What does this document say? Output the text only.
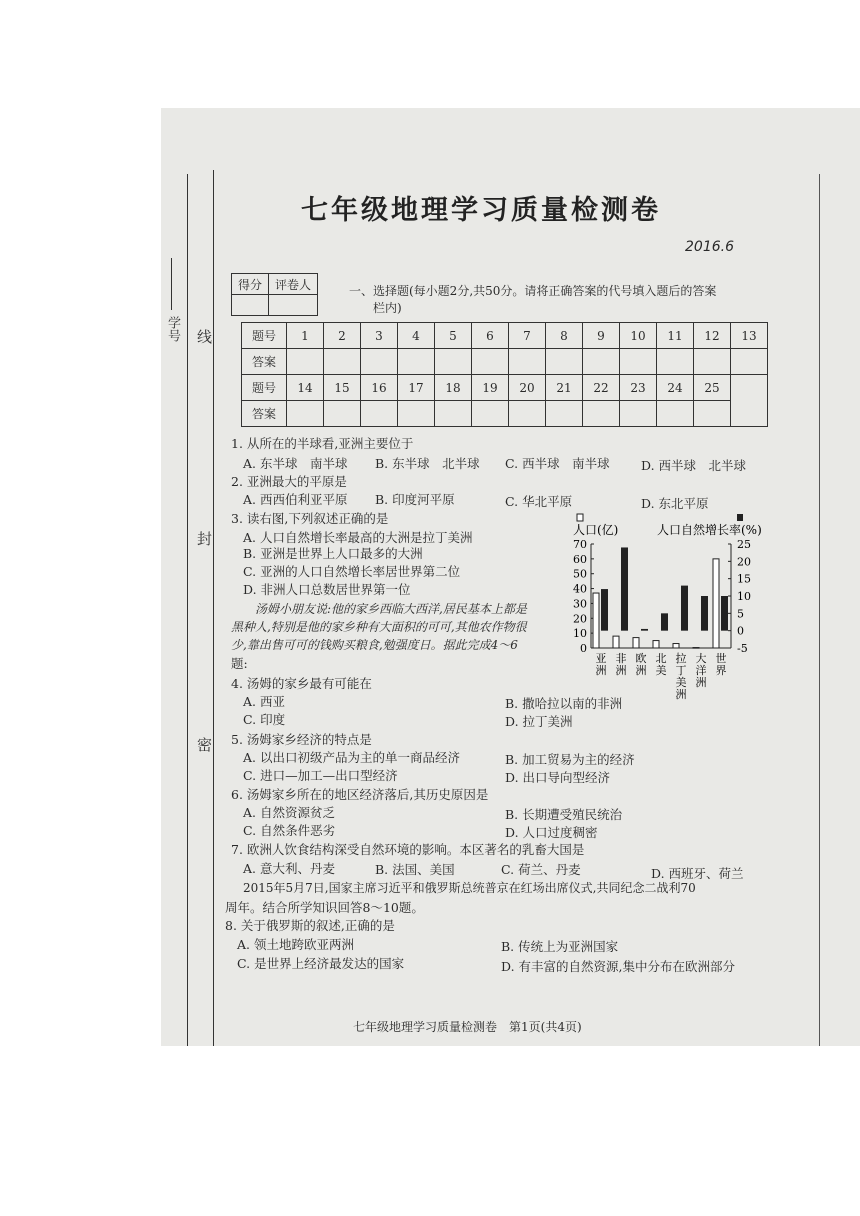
学号 线
封
密
七年级地理学习质量检测卷
2016.6
得分	评卷人
		一、选择题(每小题2分,共50分。请将正确答案的代号填入题后的答案
栏内)
题号	1	2	3	4	5	6	7	8	9	10	11	12	13
答案													
题号	14	15	16	17	18	19	20	21	22	23	24	25	
答案													
1. 从所在的半球看,亚洲主要位于
A. 东半球　南半球 B. 东半球　北半球 C. 西半球　南半球	D. 西半球　北半球
2. 亚洲最大的平原是
A. 西西伯利亚平原 B. 印度河平原	C. 华北平原	D. 东北平原
3. 读右图,下列叙述正确的是
A. 人口自然增长率最高的大洲是拉丁美洲
B. 亚洲是世界上人口最多的大洲
C. 亚洲的人口自然增长率居世界第二位
D. 非洲人口总数居世界第一位
人口(亿)	人口自然增长率(%)
70
60
50
40
30
20
10
0
25
20
15
10
5
0
-5
亚洲
非洲
欧洲
北美
拉丁美洲
大洋洲
世界
汤姆小朋友说:他的家乡西临大西洋,居民基本上都是
黑种人,特别是他的家乡种有大面积的可可,其他农作物很
少,靠出售可可的钱购买粮食,勉强度日。据此完成4～6
题:
4. 汤姆的家乡最有可能在
A. 西亚	B. 撒哈拉以南的非洲
C. 印度	D. 拉丁美洲
5. 汤姆家乡经济的特点是
A. 以出口初级产品为主的单一商品经济	B. 加工贸易为主的经济
C. 进口—加工—出口型经济	D. 出口导向型经济
6. 汤姆家乡所在的地区经济落后,其历史原因是
A. 自然资源贫乏	B. 长期遭受殖民统治
C. 自然条件恶劣	D. 人口过度稠密
7. 欧洲人饮食结构深受自然环境的影响。本区著名的乳畜大国是
A. 意大利、丹麦	B. 法国、美国	C. 荷兰、丹麦	D. 西班牙、荷兰
2015年5月7日,国家主席习近平和俄罗斯总统普京在红场出席仪式,共同纪念二战利70
周年。结合所学知识回答8～10题。
8. 关于俄罗斯的叙述,正确的是
A. 领土地跨欧亚两洲	B. 传统上为亚洲国家
C. 是世界上经济最发达的国家	D. 有丰富的自然资源,集中分布在欧洲部分
七年级地理学习质量检测卷　第1页(共4页)
